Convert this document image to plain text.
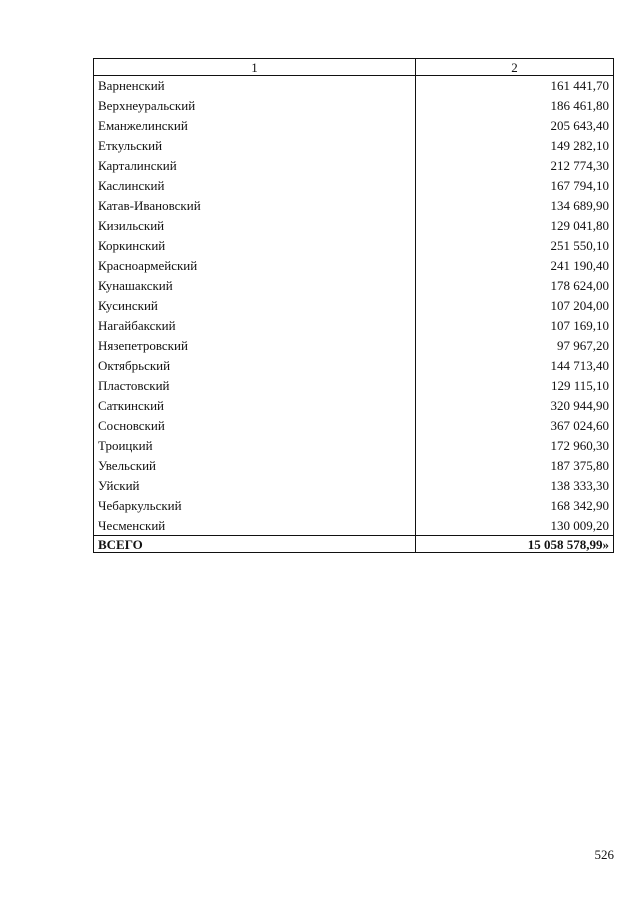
1	2
Варненский	161 441,70
Верхнеуральский	186 461,80
Еманжелинский	205 643,40
Еткульский	149 282,10
Карталинский	212 774,30
Каслинский	167 794,10
Катав-Ивановский	134 689,90
Кизильский	129 041,80
Коркинский	251 550,10
Красноармейский	241 190,40
Кунашакский	178 624,00
Кусинский	107 204,00
Нагайбакский	107 169,10
Нязепетровский	97 967,20
Октябрьский	144 713,40
Пластовский	129 115,10
Саткинский	320 944,90
Сосновский	367 024,60
Троицкий	172 960,30
Увельский	187 375,80
Уйский	138 333,30
Чебаркульский	168 342,90
Чесменский	130 009,20
ВСЕГО	15 058 578,99»
526
